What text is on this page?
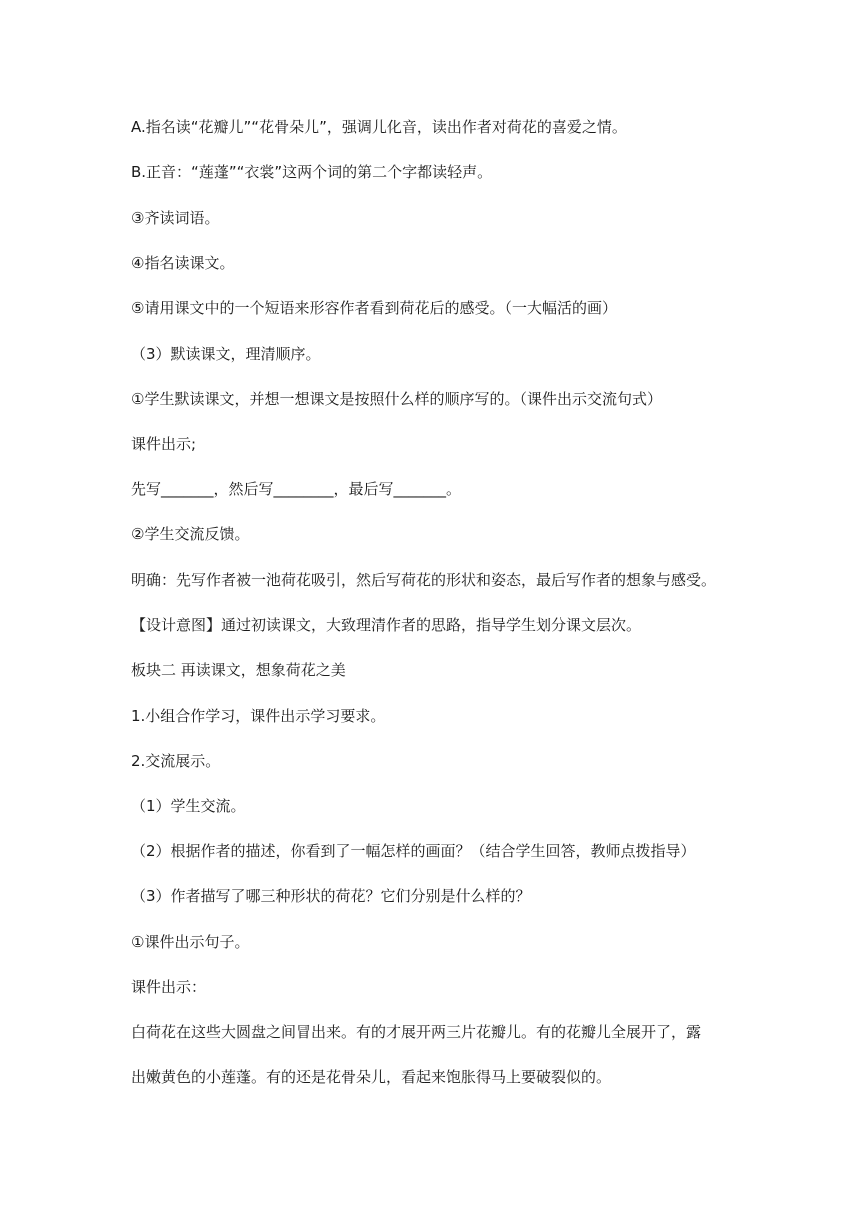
A.指名读“花瓣儿”“花骨朵儿”，强调儿化音，读出作者对荷花的喜爱之情。
B.正音：“莲蓬”“衣裳”这两个词的第二个字都读轻声。
③齐读词语。
④指名读课文。
⑤请用课文中的一个短语来形容作者看到荷花后的感受。（一大幅活的画）
（3）默读课文，理清顺序。
①学生默读课文，并想一想课文是按照什么样的顺序写的。（课件出示交流句式）
课件出示;
先写_______，然后写________，最后写_______。
②学生交流反馈。
明确：先写作者被一池荷花吸引，然后写荷花的形状和姿态，最后写作者的想象与感受。
【设计意图】通过初读课文，大致理清作者的思路，指导学生划分课文层次。
板块二 再读课文，想象荷花之美
1.小组合作学习，课件出示学习要求。
2.交流展示。
（1）学生交流。
（2）根据作者的描述，你看到了一幅怎样的画面？（结合学生回答，教师点拨指导）
（3）作者描写了哪三种形状的荷花？它们分别是什么样的？
①课件出示句子。
课件出示：
白荷花在这些大圆盘之间冒出来。有的才展开两三片花瓣儿。有的花瓣儿全展开了，露
出嫩黄色的小莲蓬。有的还是花骨朵儿，看起来饱胀得马上要破裂似的。
